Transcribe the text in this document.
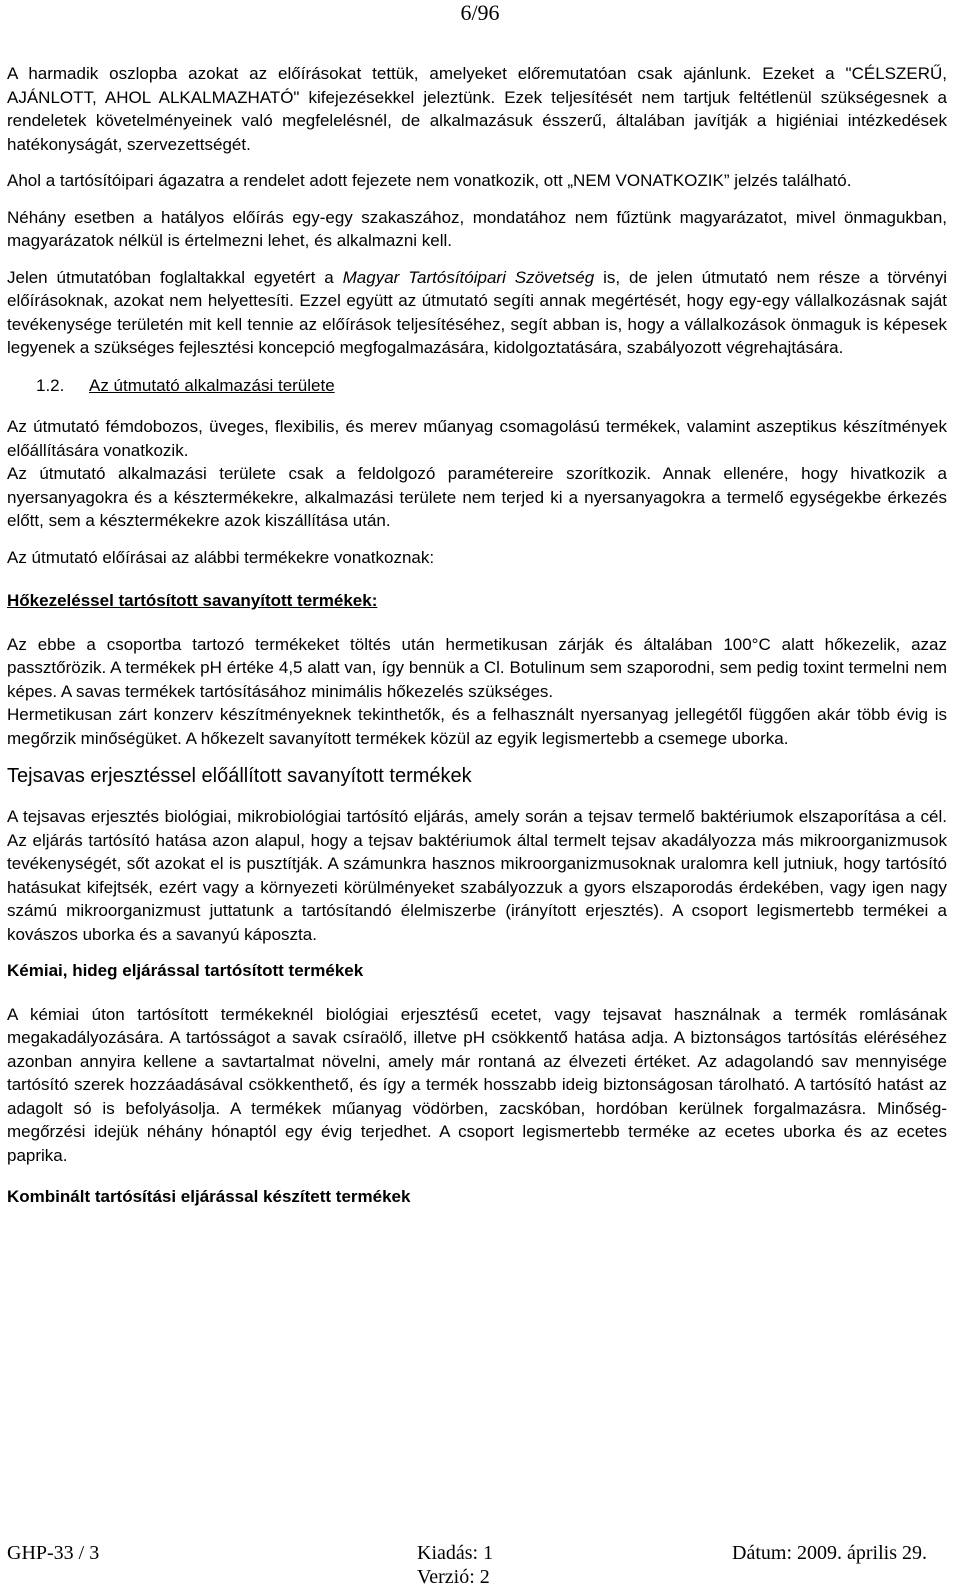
6/96

A harmadik oszlopba azokat az előírásokat tettük, amelyeket előremutatóan csak ajánlunk. Ezeket a "CÉLSZERŰ, AJÁNLOTT, AHOL ALKALMAZHATÓ" kifejezésekkel jeleztünk. Ezek teljesítését nem tartjuk feltétlenül szükségesnek a rendeletek követelményeinek való megfelelésnél, de alkalmazásuk ésszerű, általában javítják a higiéniai intézkedések hatékonyságát, szervezettségét.

Ahol a tartósítóipari ágazatra a rendelet adott fejezete nem vonatkozik, ott „NEM VONATKOZIK” jelzés található.

Néhány esetben a hatályos előírás egy-egy szakaszához, mondatához nem fűztünk magyarázatot, mivel önmagukban, magyarázatok nélkül is értelmezni lehet, és alkalmazni kell.

Jelen útmutatóban foglaltakkal egyetért a Magyar Tartósítóipari Szövetség is, de jelen útmutató nem része a törvényi előírásoknak, azokat nem helyettesíti. Ezzel együtt az útmutató segíti annak megértését, hogy egy-egy vállalkozásnak saját tevékenysége területén mit kell tennie az előírások teljesítéséhez, segít abban is, hogy a vállalkozások önmaguk is képesek legyenek a szükséges fejlesztési koncepció megfogalmazására, kidolgoztatására, szabályozott végrehajtására.

1.2. Az útmutató alkalmazási területe

Az útmutató fémdobozos, üveges, flexibilis, és merev műanyag csomagolású termékek, valamint aszeptikus készítmények előállítására vonatkozik.

Az útmutató alkalmazási területe csak a feldolgozó paramétereire szorítkozik. Annak ellenére, hogy hivatkozik a nyersanyagokra és a késztermékekre, alkalmazási területe nem terjed ki a nyersanyagokra a termelő egységekbe érkezés előtt, sem a késztermékekre azok kiszállítása után.

Az útmutató előírásai az alábbi termékekre vonatkoznak:

Hőkezeléssel tartósított savanyított termékek:

Az ebbe a csoportba tartozó termékeket töltés után hermetikusan zárják és általában 100°C alatt hőkezelik, azaz passztőrözik. A termékek pH értéke 4,5 alatt van, így bennük a Cl. Botulinum sem szaporodni, sem pedig toxint termelni nem képes. A savas termékek tartósításához minimális hőkezelés szükséges.

Hermetikusan zárt konzerv készítményeknek tekinthetők, és a felhasznált nyersanyag jellegétől függően akár több évig is megőrzik minőségüket. A hőkezelt savanyított termékek közül az egyik legismertebb a csemege uborka.

Tejsavas erjesztéssel előállított savanyított termékek

A tejsavas erjesztés biológiai, mikrobiológiai tartósító eljárás, amely során a tejsav termelő baktériumok elszaporítása a cél. Az eljárás tartósító hatása azon alapul, hogy a tejsav baktériumok által termelt tejsav akadályozza más mikroorganizmusok tevékenységét, sőt azokat el is pusztítják. A számunkra hasznos mikroorganizmusoknak uralomra kell jutniuk, hogy tartósító hatásukat kifejtsék, ezért vagy a környezeti körülményeket szabályozzuk a gyors elszaporodás érdekében, vagy igen nagy számú mikroorganizmust juttatunk a tartósítandó élelmiszerbe (irányított erjesztés). A csoport legismertebb termékei a kovászos uborka és a savanyú káposzta.

Kémiai, hideg eljárással tartósított termékek

A kémiai úton tartósított termékeknél biológiai erjesztésű ecetet, vagy tejsavat használnak a termék romlásának megakadályozására. A tartósságot a savak csíraölő, illetve pH csökkentő hatása adja. A biztonságos tartósítás eléréséhez azonban annyira kellene a savtartalmat növelni, amely már rontaná az élvezeti értéket. Az adagolandó sav mennyisége tartósító szerek hozzáadásával csökkenthető, és így a termék hosszabb ideig biztonságosan tárolható. A tartósító hatást az adagolt só is befolyásolja. A termékek műanyag vödörben, zacskóban, hordóban kerülnek forgalmazásra. Minőség-megőrzési idejük néhány hónaptól egy évig terjedhet. A csoport legismertebb terméke az ecetes uborka és az ecetes paprika.

Kombinált tartósítási eljárással készített termékek
GHP-33 / 3	Kiadás: 1
Verzió: 2
Dátum: 2009. április 29.
